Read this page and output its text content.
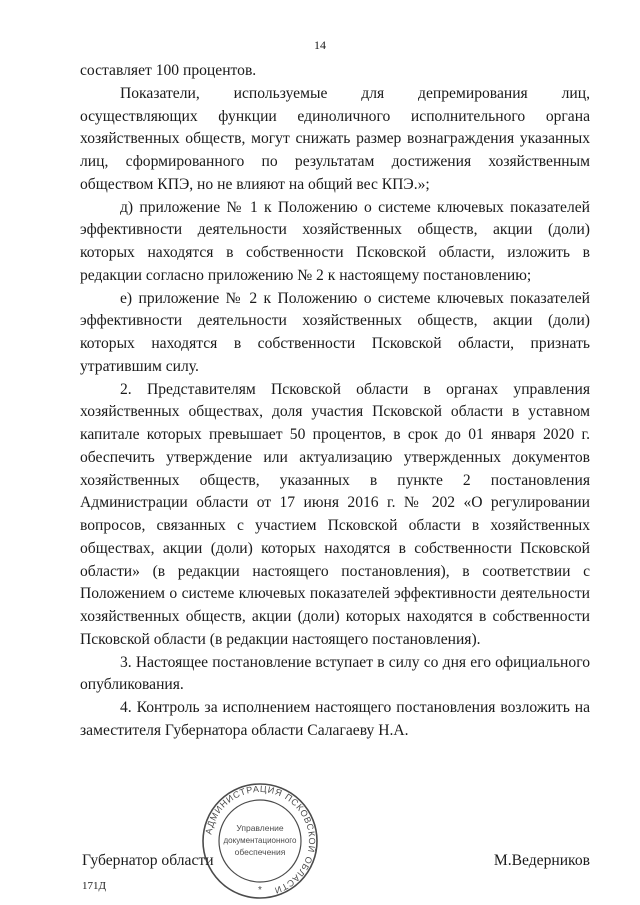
14

составляет 100 процентов.

Показатели, используемые для депремирования лиц, осуществляющих функции единоличного исполнительного органа хозяйственных обществ, могут снижать размер вознаграждения указанных лиц, сформированного по результатам достижения хозяйственным обществом КПЭ, но не влияют на общий вес КПЭ.»;

д) приложение № 1 к Положению о системе ключевых показателей эффективности деятельности хозяйственных обществ, акции (доли) которых находятся в собственности Псковской области, изложить в редакции согласно приложению № 2 к настоящему постановлению;

е) приложение № 2 к Положению о системе ключевых показателей эффективности деятельности хозяйственных обществ, акции (доли) которых находятся в собственности Псковской области, признать утратившим силу.

2. Представителям Псковской области в органах управления хозяйственных обществах, доля участия Псковской области в уставном капитале которых превышает 50 процентов, в срок до 01 января 2020 г. обеспечить утверждение или актуализацию утвержденных документов хозяйственных обществ, указанных в пункте 2 постановления Администрации области от 17 июня 2016 г. № 202 «О регулировании вопросов, связанных с участием Псковской области в хозяйственных обществах, акции (доли) которых находятся в собственности Псковской области» (в редакции настоящего постановления), в соответствии с Положением о системе ключевых показателей эффективности деятельности хозяйственных обществ, акции (доли) которых находятся в собственности Псковской области (в редакции настоящего постановления).

3. Настоящее постановление вступает в силу со дня его официального опубликования.

4. Контроль за исполнением настоящего постановления возложить на заместителя Губернатора области Салагаеву Н.А.

Губернатор области	М.Ведерников
171Д
АДМИНИСТРАЦИЯ ПСКОВСКОЙ ОБЛАСТИ
Управление
документационного
обеспечения
*
